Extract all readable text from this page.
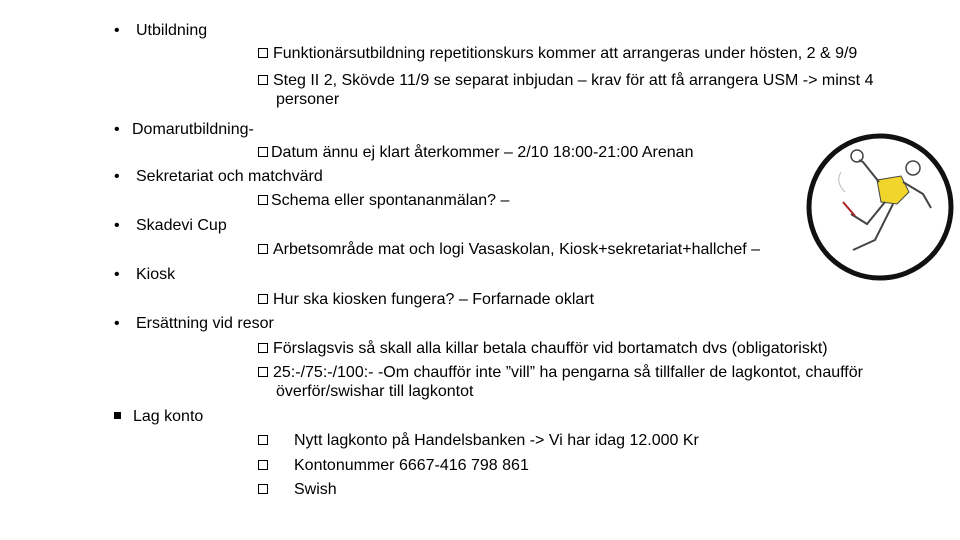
• Utbildning
Funktionärsutbildning repetitionskurs kommer att arrangeras under hösten, 2 & 9/9
Steg II 2, Skövde 11/9 se separat inbjudan – krav för att få arrangera USM -> minst 4
personer
• Domarutbildning-
Datum ännu ej klart återkommer – 2/10 18:00-21:00 Arenan
• Sekretariat och matchvärd
Schema eller spontananmälan? –
• Skadevi Cup
Arbetsområde mat och logi Vasaskolan, Kiosk+sekretariat+hallchef –
• Kiosk
Hur ska kiosken fungera? – Forfarnade oklart
• Ersättning vid resor
Förslagsvis så skall alla killar betala chaufför vid bortamatch dvs (obligatoriskt)
25:-/75:-/100:- -Om chaufför inte ”vill” ha pengarna så tillfaller de lagkontot, chaufför
överför/swishar till lagkontot
Lag konto
Nytt lagkonto på Handelsbanken -> Vi har idag 12.000 Kr
Kontonummer 6667-416 798 861
Swish
